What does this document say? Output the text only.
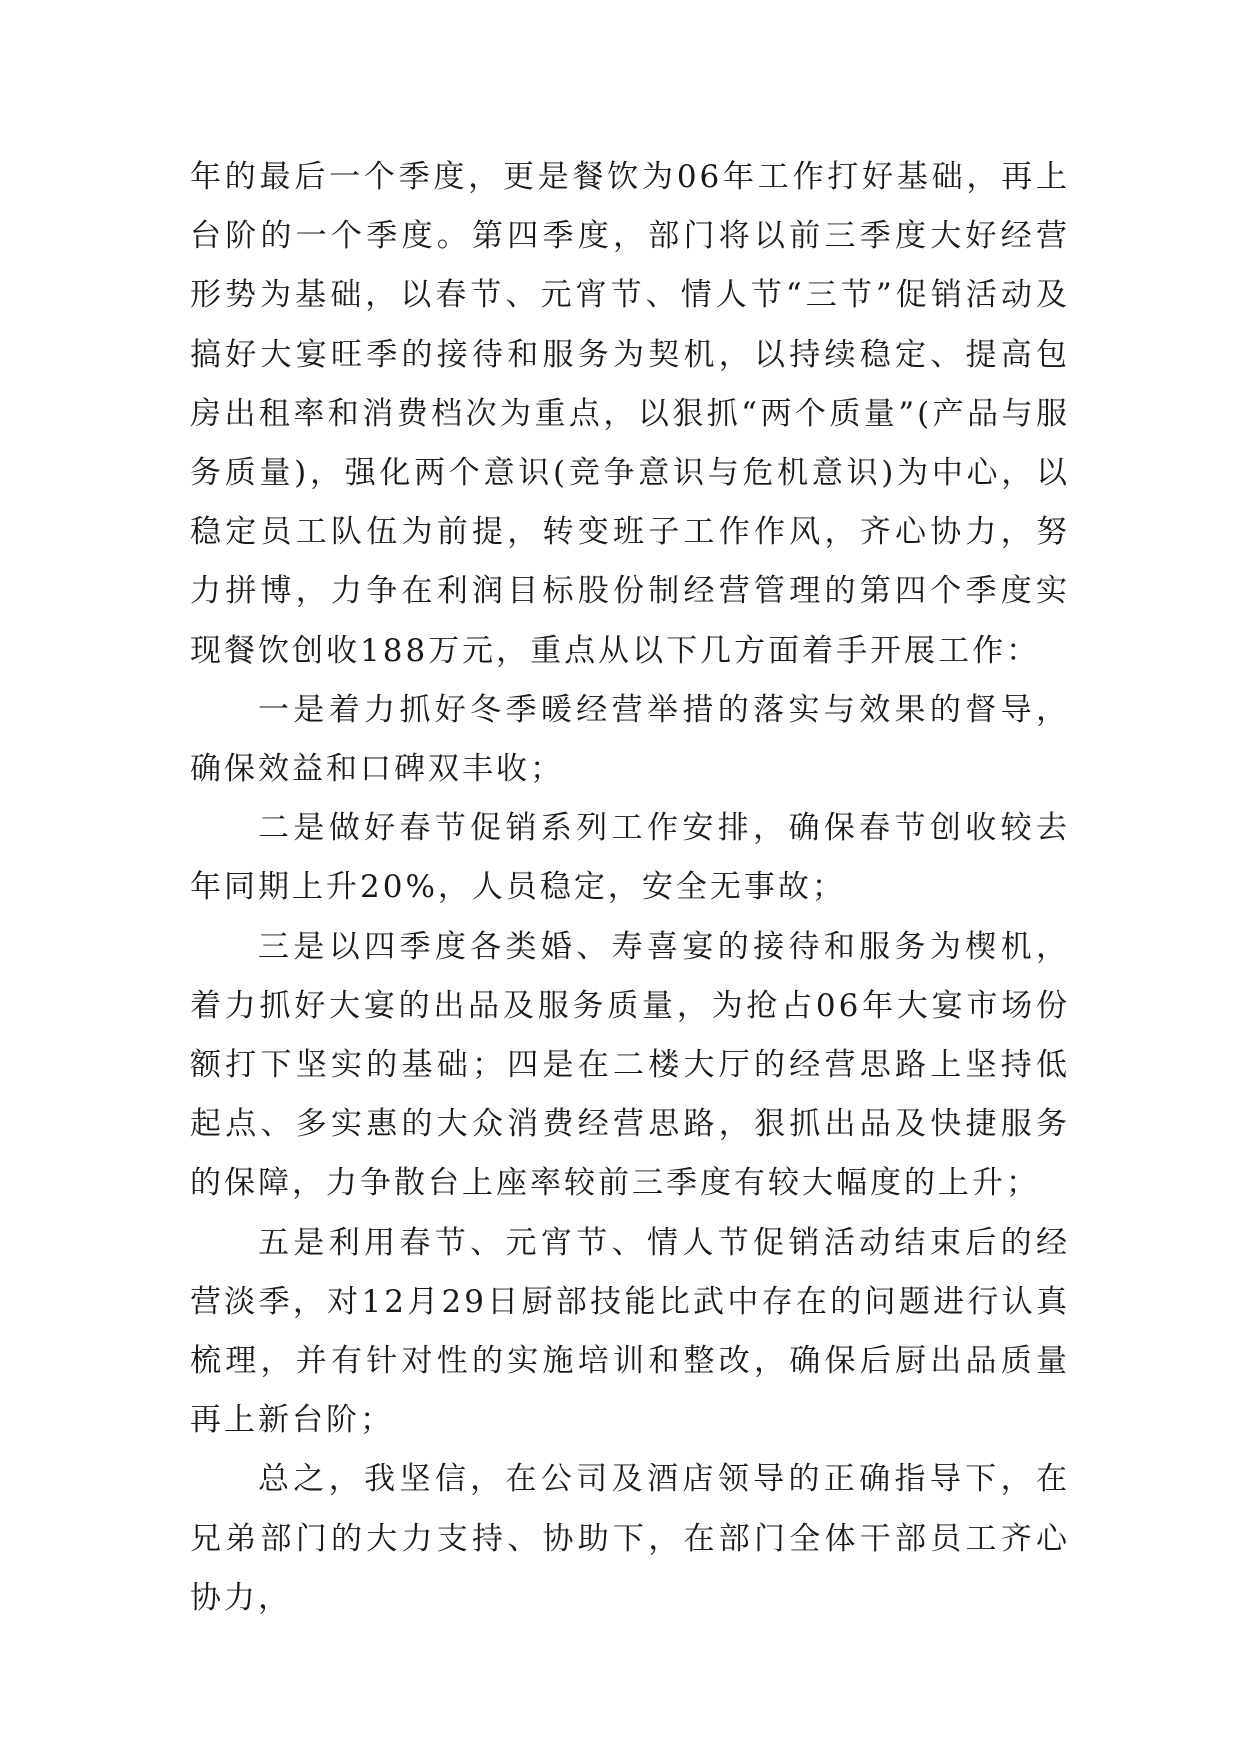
年的最后一个季度，更是餐饮为06年工作打好基础，再上台阶的一个季度。第四季度，部门将以前三季度大好经营形势为基础，以春节、元宵节、情人节“三节”促销活动及搞好大宴旺季的接待和服务为契机，以持续稳定、提高包房出租率和消费档次为重点，以狠抓“两个质量”(产品与服务质量)，强化两个意识(竞争意识与危机意识)为中心，以稳定员工队伍为前提，转变班子工作作风，齐心协力，努力拼博，力争在利润目标股份制经营管理的第四个季度实现餐饮创收188万元，重点从以下几方面着手开展工作：

一是着力抓好冬季暖经营举措的落实与效果的督导，确保效益和口碑双丰收；

二是做好春节促销系列工作安排，确保春节创收较去年同期上升20%，人员稳定，安全无事故；

三是以四季度各类婚、寿喜宴的接待和服务为楔机，着力抓好大宴的出品及服务质量，为抢占06年大宴市场份额打下坚实的基础；四是在二楼大厅的经营思路上坚持低起点、多实惠的大众消费经营思路，狠抓出品及快捷服务的保障，力争散台上座率较前三季度有较大幅度的上升；

五是利用春节、元宵节、情人节促销活动结束后的经营淡季，对12月29日厨部技能比武中存在的问题进行认真梳理，并有针对性的实施培训和整改，确保后厨出品质量再上新台阶；

总之，我坚信，在公司及酒店领导的正确指导下，在兄弟部门的大力支持、协助下，在部门全体干部员工齐心协力，
